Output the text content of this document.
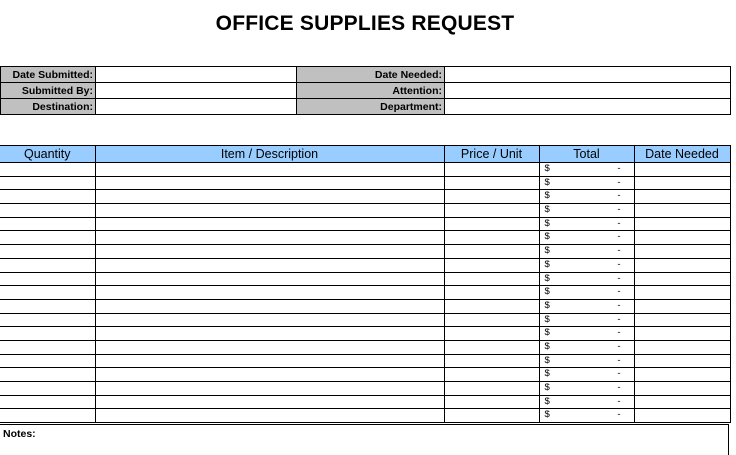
OFFICE SUPPLIES REQUEST
Date Submitted:		Date Needed:	
Submitted By:		Attention:	
Destination:		Department:	
Quantity	Item / Description	Price / Unit	Total	Date Needed

			$ -	

			$ -	

			$ -	

			$ -	

			$ -	

			$ -	

			$ -	

			$ -	

			$ -	

			$ -	

			$ -	

			$ -	

			$ -	

			$ -	

			$ -	

			$ -	

			$ -	

			$ -	

			$ -	

Notes:
